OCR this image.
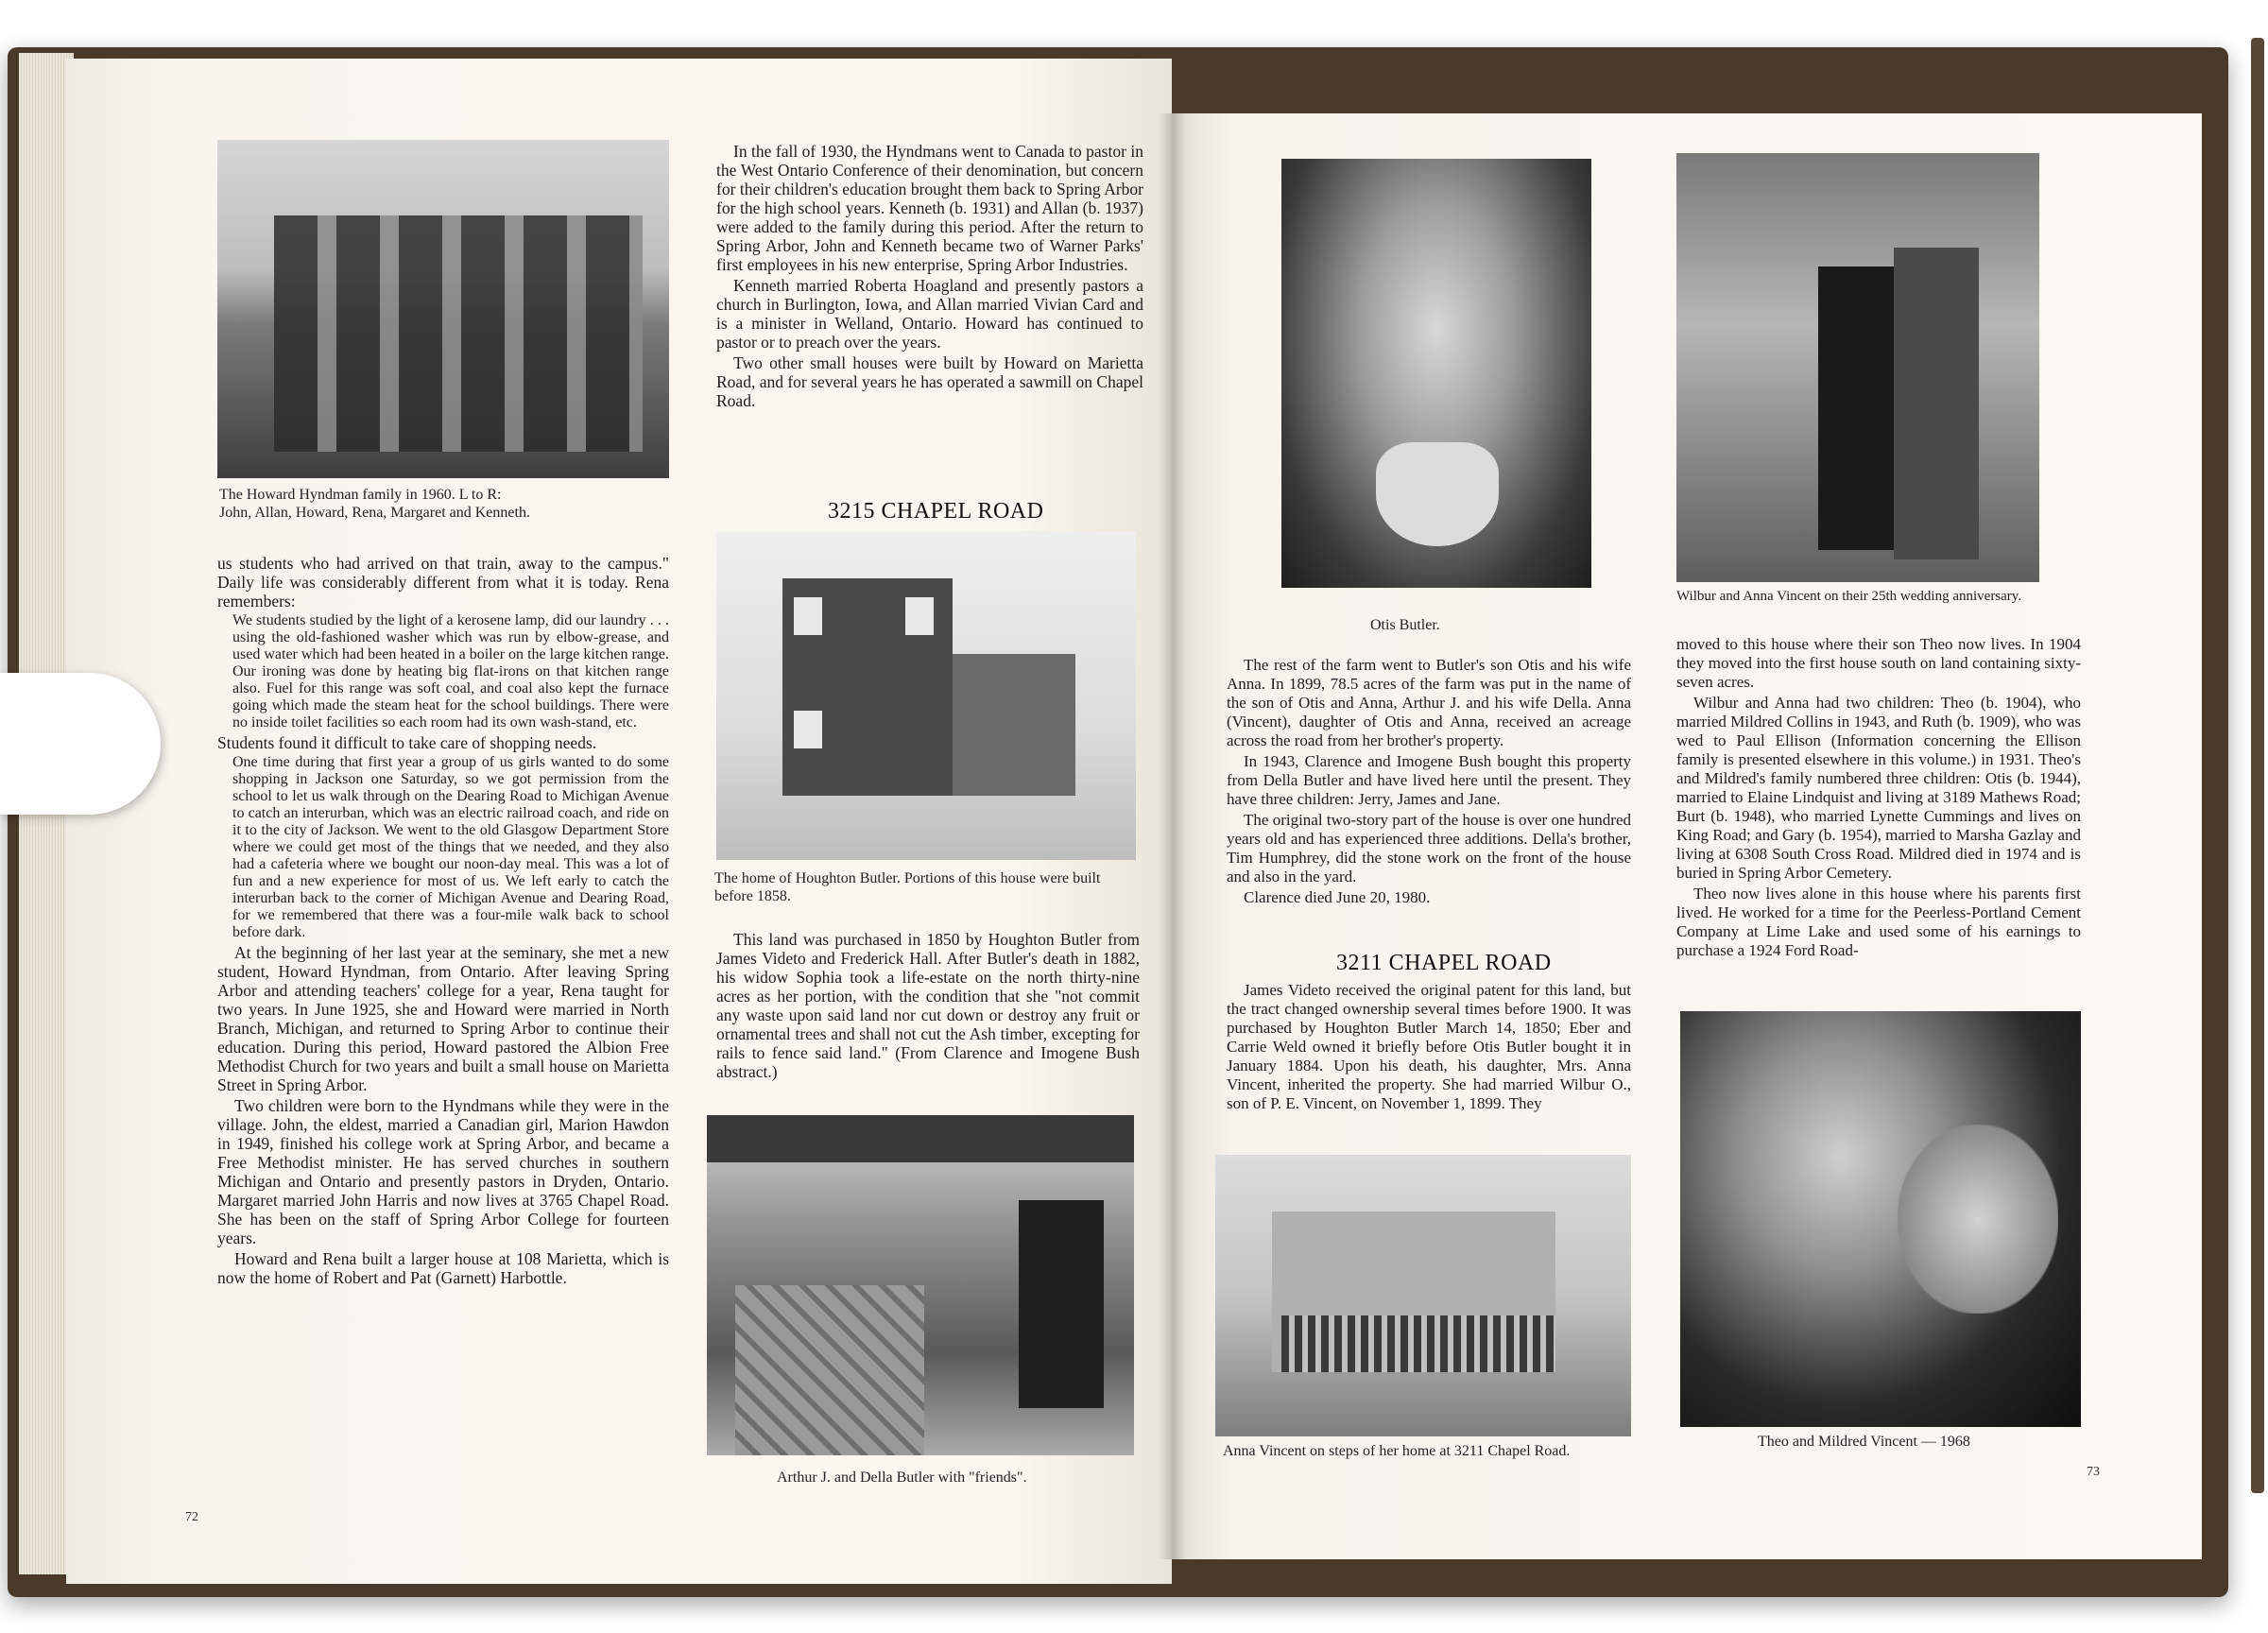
The Howard Hyndman family in 1960. L to R: John, Allan, Howard, Rena, Margaret and Kenneth.

us students who had arrived on that train, away to the campus." Daily life was considerably different from what it is today. Rena remembers:

We students studied by the light of a kerosene lamp, did our laundry . . . using the old-fashioned washer which was run by elbow-grease, and used water which had been heated in a boiler on the large kitchen range. Our ironing was done by heating big flat-irons on that kitchen range also. Fuel for this range was soft coal, and coal also kept the furnace going which made the steam heat for the school buildings. There were no inside toilet facilities so each room had its own wash-stand, etc.

Students found it difficult to take care of shopping needs.

One time during that first year a group of us girls wanted to do some shopping in Jackson one Saturday, so we got permission from the school to let us walk through on the Dearing Road to Michigan Avenue to catch an interurban, which was an electric railroad coach, and ride on it to the city of Jackson. We went to the old Glasgow Department Store where we could get most of the things that we needed, and they also had a cafeteria where we bought our noon-day meal. This was a lot of fun and a new experience for most of us. We left early to catch the interurban back to the corner of Michigan Avenue and Dearing Road, for we remembered that there was a four-mile walk back to school before dark.

At the beginning of her last year at the seminary, she met a new student, Howard Hyndman, from Ontario. After leaving Spring Arbor and attending teachers' college for a year, Rena taught for two years. In June 1925, she and Howard were married in North Branch, Michigan, and returned to Spring Arbor to continue their education. During this period, Howard pastored the Albion Free Methodist Church for two years and built a small house on Marietta Street in Spring Arbor.

Two children were born to the Hyndmans while they were in the village. John, the eldest, married a Canadian girl, Marion Hawdon in 1949, finished his college work at Spring Arbor, and became a Free Methodist minister. He has served churches in southern Michigan and Ontario and presently pastors in Dryden, Ontario. Margaret married John Harris and now lives at 3765 Chapel Road. She has been on the staff of Spring Arbor College for fourteen years.

Howard and Rena built a larger house at 108 Marietta, which is now the home of Robert and Pat (Garnett) Harbottle.

72

In the fall of 1930, the Hyndmans went to Canada to pastor in the West Ontario Conference of their denomination, but concern for their children's education brought them back to Spring Arbor for the high school years. Kenneth (b. 1931) and Allan (b. 1937) were added to the family during this period. After the return to Spring Arbor, John and Kenneth became two of Warner Parks' first employees in his new enterprise, Spring Arbor Industries.

Kenneth married Roberta Hoagland and presently pastors a church in Burlington, Iowa, and Allan married Vivian Card and is a minister in Welland, Ontario. Howard has continued to pastor or to preach over the years.

Two other small houses were built by Howard on Marietta Road, and for several years he has operated a sawmill on Chapel Road.

3215 CHAPEL ROAD
The home of Houghton Butler. Portions of this house were built before 1858.

This land was purchased in 1850 by Houghton Butler from James Videto and Frederick Hall. After Butler's death in 1882, his widow Sophia took a life-estate on the north thirty-nine acres as her portion, with the condition that she "not commit any waste upon said land nor cut down or destroy any fruit or ornamental trees and shall not cut the Ash timber, excepting for rails to fence said land." (From Clarence and Imogene Bush abstract.)

Arthur J. and Della Butler with "friends".
Otis Butler.

The rest of the farm went to Butler's son Otis and his wife Anna. In 1899, 78.5 acres of the farm was put in the name of the son of Otis and Anna, Arthur J. and his wife Della. Anna (Vincent), daughter of Otis and Anna, received an acreage across the road from her brother's property.

In 1943, Clarence and Imogene Bush bought this property from Della Butler and have lived here until the present. They have three children: Jerry, James and Jane.

The original two-story part of the house is over one hundred years old and has experienced three additions. Della's brother, Tim Humphrey, did the stone work on the front of the house and also in the yard.

Clarence died June 20, 1980.

3211 CHAPEL ROAD

James Videto received the original patent for this land, but the tract changed ownership several times before 1900. It was purchased by Houghton Butler March 14, 1850; Eber and Carrie Weld owned it briefly before Otis Butler bought it in January 1884. Upon his death, his daughter, Mrs. Anna Vincent, inherited the property. She had married Wilbur O., son of P. E. Vincent, on November 1, 1899. They

Anna Vincent on steps of her home at 3211 Chapel Road.
Wilbur and Anna Vincent on their 25th wedding anniversary.

moved to this house where their son Theo now lives. In 1904 they moved into the first house south on land containing sixty-seven acres.

Wilbur and Anna had two children: Theo (b. 1904), who married Mildred Collins in 1943, and Ruth (b. 1909), who was wed to Paul Ellison (Information concerning the Ellison family is presented elsewhere in this volume.) in 1931. Theo's and Mildred's family numbered three children: Otis (b. 1944), married to Elaine Lindquist and living at 3189 Mathews Road; Burt (b. 1948), who married Lynette Cummings and lives on King Road; and Gary (b. 1954), married to Marsha Gazlay and living at 6308 South Cross Road. Mildred died in 1974 and is buried in Spring Arbor Cemetery.

Theo now lives alone in this house where his parents first lived. He worked for a time for the Peerless-Portland Cement Company at Lime Lake and used some of his earnings to purchase a 1924 Ford Road-

Theo and Mildred Vincent — 1968
73
